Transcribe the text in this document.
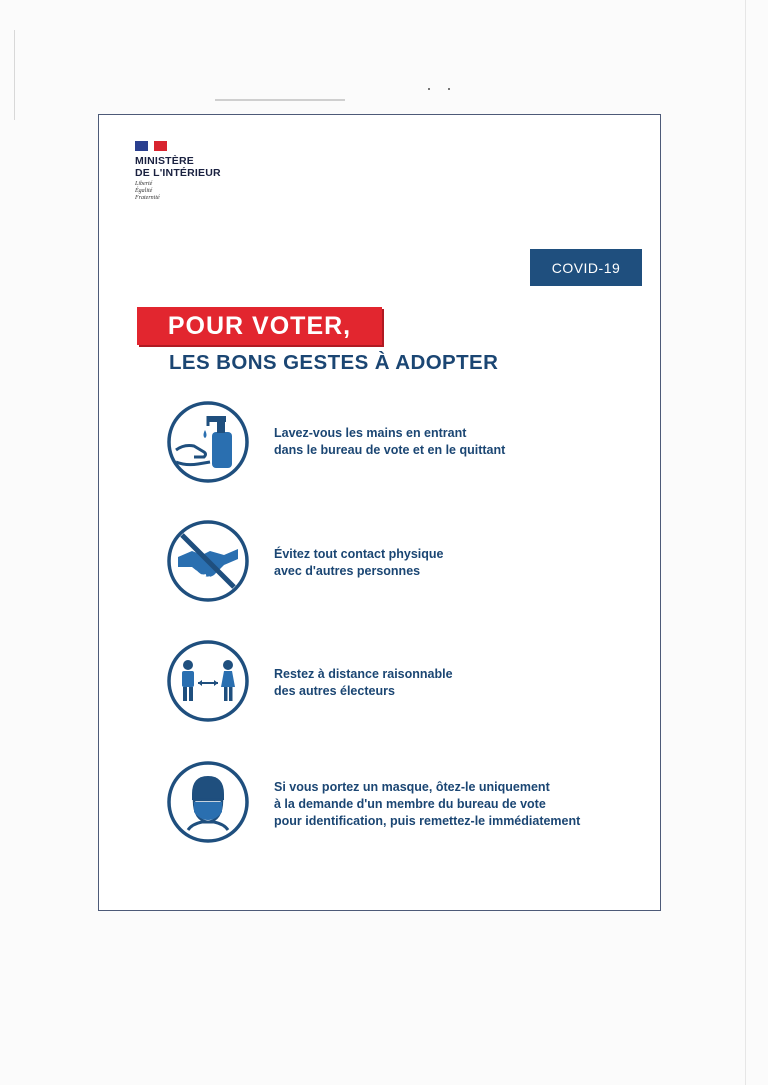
MINISTÈRE
DE L'INTÉRIEUR
Liberté
Égalité
Fraternité
COVID-19
POUR VOTER,
LES BONS GESTES À ADOPTER
Lavez-vous les mains en entrant
dans le bureau de vote et en le quittant
Évitez tout contact physique
avec d'autres personnes
Restez à distance raisonnable
des autres électeurs
Si vous portez un masque, ôtez-le uniquement
à la demande d'un membre du bureau de vote
pour identification, puis remettez-le immédiatement
